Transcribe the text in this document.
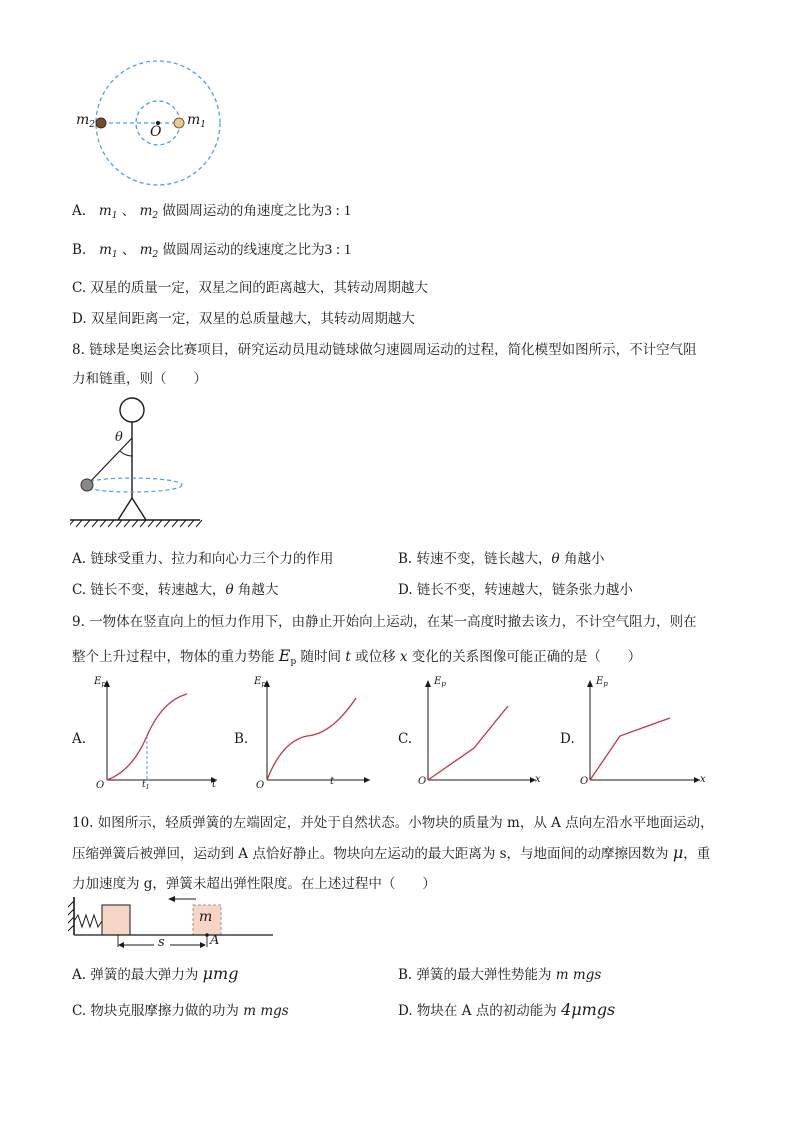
$m_2$	$m_1$
O
A. $m_1$ 、 $m_2$ 做圆周运动的角速度之比为3 : 1
B. $m_1$ 、 $m_2$ 做圆周运动的线速度之比为3 : 1
C. 双星的质量一定，双星之间的距离越大，其转动周期越大
D. 双星间距离一定，双星的总质量越大，其转动周期越大
8. 链球是奥运会比赛项目，研究运动员甩动链球做匀速圆周运动的过程，简化模型如图所示，不计空气阻
力和链重，则（　　）
θ
A. 链球受重力、拉力和向心力三个力的作用	B. 转速不变，链长越大，θ 角越小
C. 链长不变，转速越大，θ 角越大	D. 链长不变，转速越大，链条张力越小
9. 一物体在竖直向上的恒力作用下，由静止开始向上运动，在某一高度时撤去该力，不计空气阻力，则在
整个上升过程中，物体的重力势能 $E_p$ 随时间 t 或位移 x 变化的关系图像可能正确的是（　　）
A.
$E_p$
O	t
$t_1$
B.
$E_p$
O	t
C.
$E_p$
O	x
D.
$E_p$
O	x
10. 如图所示，轻质弹簧的左端固定，并处于自然状态。小物块的质量为 m，从 A 点向左沿水平地面运动，
压缩弹簧后被弹回，运动到 A 点恰好静止。物块向左运动的最大距离为 s，与地面间的动摩擦因数为 μ，重
力加速度为 g，弹簧未超出弹性限度。在上述过程中（　　）
m
s	A
A. 弹簧的最大弹力为 μmg	B. 弹簧的最大弹性势能为 m mgs
C. 物块克服摩擦力做的功为 m mgs	D. 物块在 A 点的初动能为 4μmgs
